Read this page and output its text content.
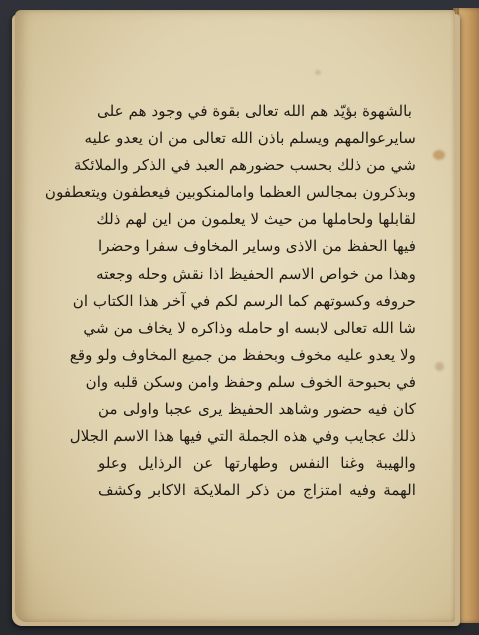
بالشهوة بؤيّد هم الله تعالى بقوة في وجود هم على
سايرعوالمهم ويسلم باذن الله تعالى من ان يعدو عليه
شي من ذلك بحسب حضورهم العبد في الذكر والملائكة
وبذكرون بمجالس العظما وامالمنكوبين فيعطفون ويتعطفون
لقابلها ولحاملها من حيث لا يعلمون من اين لهم ذلك
فيها الحفظ من الاذى وساير المخاوف سفرا وحضرا
وهذا من خواص الاسم الحفيظ اذا نقش وحله وجعته
حروفه وكسوتهم كما الرسم لكم في آخر هذا الكتاب ان
شا الله تعالى لابسه او حامله وذاكره لا يخاف من شي
ولا يعدو عليه مخوف وبحفظ من جميع المخاوف ولو وقع
في بحبوحة الخوف سلم وحفظ وامن وسكن قلبه وان
كان فيه حضور وشاهد الحفيظ يرى عجبا واولى من
ذلك عجايب وفي هذه الجملة التي فيها هذا الاسم الجلال
والهيبة وغنا النفس وطهارتها عن الرذايل وعلو
الهمة وفيه امتزاج من ذكر الملايكة الاكابر وكشف
